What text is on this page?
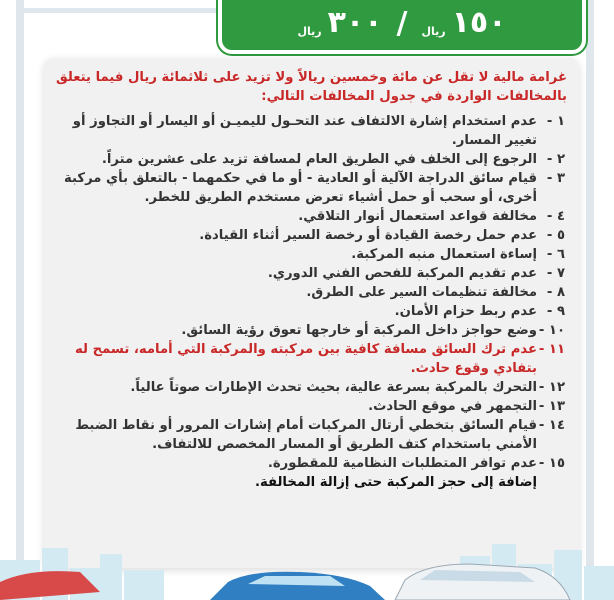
ريال ٣٠٠ / ريال ١٥٠
غرامة مالية لا تقل عن مائة وخمسين ريالاً ولا تزيد على ثلاثمائة ريال فيما يتعلق بالمخالفات الواردة في جدول المخالفات التالي:
١ -
عدم استخدام إشارة الالتفاف عند التحـول لليميـن أو اليسار أو التجاوز أو تغيير المسار.
٢ -
الرجوع إلى الخلف في الطريق العام لمسافة تزيد على عشرين متراً.
٣ -
قيام سائق الدراجة الآلية أو العادية - أو ما في حكمهما - بالتعلق بأي مركبة أخرى، أو سحب أو حمل أشياء تعرض مستخدم الطريق للخطر.
٤ -
مخالفة قواعد استعمال أنوار التلاقي.
٥ -
عدم حمل رخصة القيادة أو رخصة السير أثناء القيادة.
٦ -
إساءة استعمال منبه المركبة.
٧ -
عدم تقديم المركبة للفحص الفني الدوري.
٨ -
مخالفة تنظيمات السير على الطرق.
٩ -
عدم ربط حزام الأمان.
١٠ -
وضع حواجز داخل المركبة أو خارجها تعوق رؤية السائق.
١١ -
عدم ترك السائق مسافة كافية بين مركبته والمركبة التي أمامه، تسمح له بتفادي وقوع حادث.
١٢ -
التحرك بالمركبة بسرعة عالية، بحيث تحدث الإطارات صوتاً عالياً.
١٣ -
التجمهر في موقع الحادث.
١٤ -
قيام السائق بتخطي أرتال المركبات أمام إشارات المرور أو نقاط الضبط الأمني باستخدام كتف الطريق أو المسار المخصص للالتفاف.
١٥ -
عدم توافر المتطلبات النظامية للمقطورة.
إضافة إلى حجز المركبة حتى إزالة المخالفة.
